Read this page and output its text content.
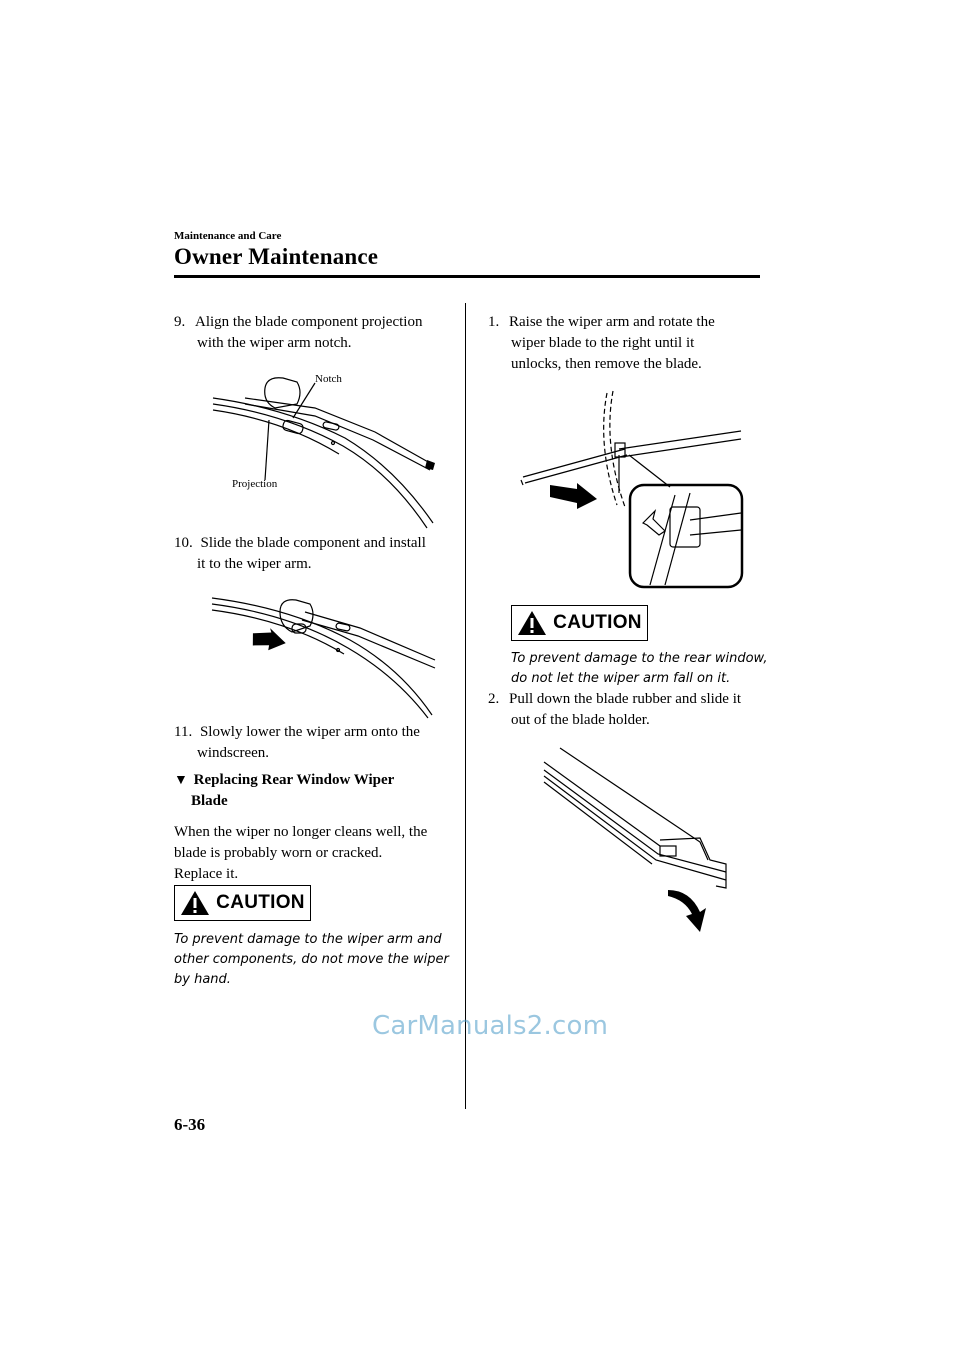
Maintenance and Care
Owner Maintenance
9. Align the blade component projection
with the wiper arm notch.
Notch
Projection
10. Slide the blade component and install
it to the wiper arm.
11. Slowly lower the wiper arm onto the
windscreen.
▼ Replacing Rear Window Wiper
Blade
When the wiper no longer cleans well, the
blade is probably worn or cracked.
Replace it.
CAUTION
To prevent damage to the wiper arm and
other components, do not move the wiper
by hand.
1. Raise the wiper arm and rotate the
wiper blade to the right until it
unlocks, then remove the blade.
CAUTION
To prevent damage to the rear window,
do not let the wiper arm fall on it.
2. Pull down the blade rubber and slide it
out of the blade holder.
CarManuals2.com
6-36
